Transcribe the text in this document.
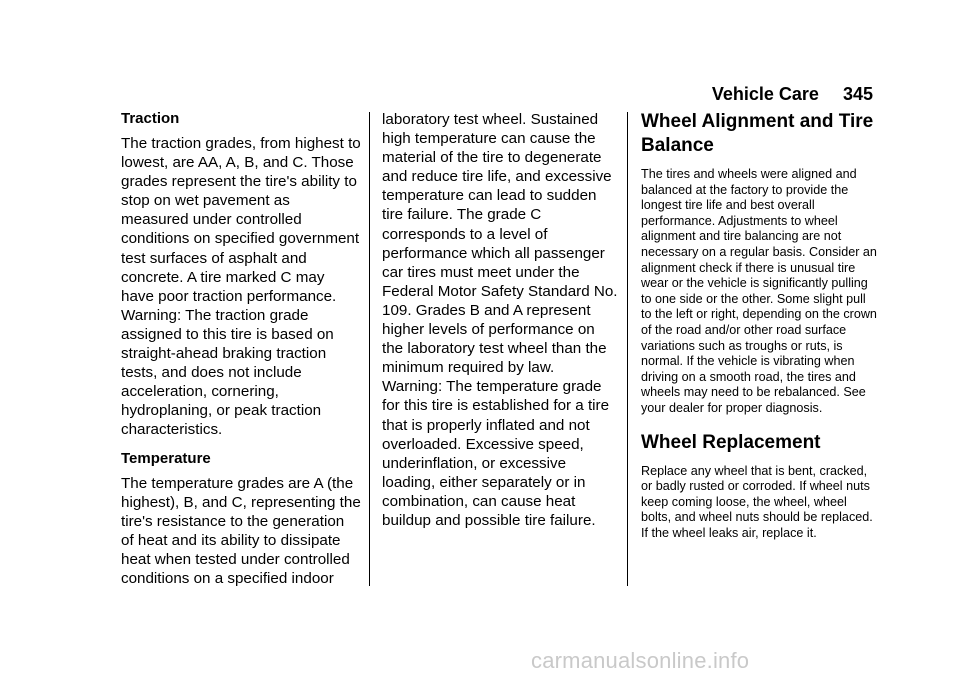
Vehicle Care 345
Traction

The traction grades, from highest to lowest, are AA, A, B, and C. Those grades represent the tire's ability to stop on wet pavement as measured under controlled conditions on specified government test surfaces of asphalt and concrete. A tire marked C may have poor traction performance. Warning: The traction grade assigned to this tire is based on straight-ahead braking traction tests, and does not include acceleration, cornering, hydroplaning, or peak traction characteristics.

Temperature

The temperature grades are A (the highest), B, and C, representing the tire's resistance to the generation of heat and its ability to dissipate heat when tested under controlled conditions on a specified indoor

laboratory test wheel. Sustained high temperature can cause the material of the tire to degenerate and reduce tire life, and excessive temperature can lead to sudden tire failure. The grade C corresponds to a level of performance which all passenger car tires must meet under the Federal Motor Safety Standard No. 109. Grades B and A represent higher levels of performance on the laboratory test wheel than the minimum required by law. Warning: The temperature grade for this tire is established for a tire that is properly inflated and not overloaded. Excessive speed, underinflation, or excessive loading, either separately or in combination, can cause heat buildup and possible tire failure.

Wheel Alignment and Tire Balance

The tires and wheels were aligned and balanced at the factory to provide the longest tire life and best overall performance. Adjustments to wheel alignment and tire balancing are not necessary on a regular basis. Consider an alignment check if there is unusual tire wear or the vehicle is significantly pulling to one side or the other. Some slight pull to the left or right, depending on the crown of the road and/or other road surface variations such as troughs or ruts, is normal. If the vehicle is vibrating when driving on a smooth road, the tires and wheels may need to be rebalanced. See your dealer for proper diagnosis.

Wheel Replacement

Replace any wheel that is bent, cracked, or badly rusted or corroded. If wheel nuts keep coming loose, the wheel, wheel bolts, and wheel nuts should be replaced.

If the wheel leaks air, replace it.

carmanualsonline.info
